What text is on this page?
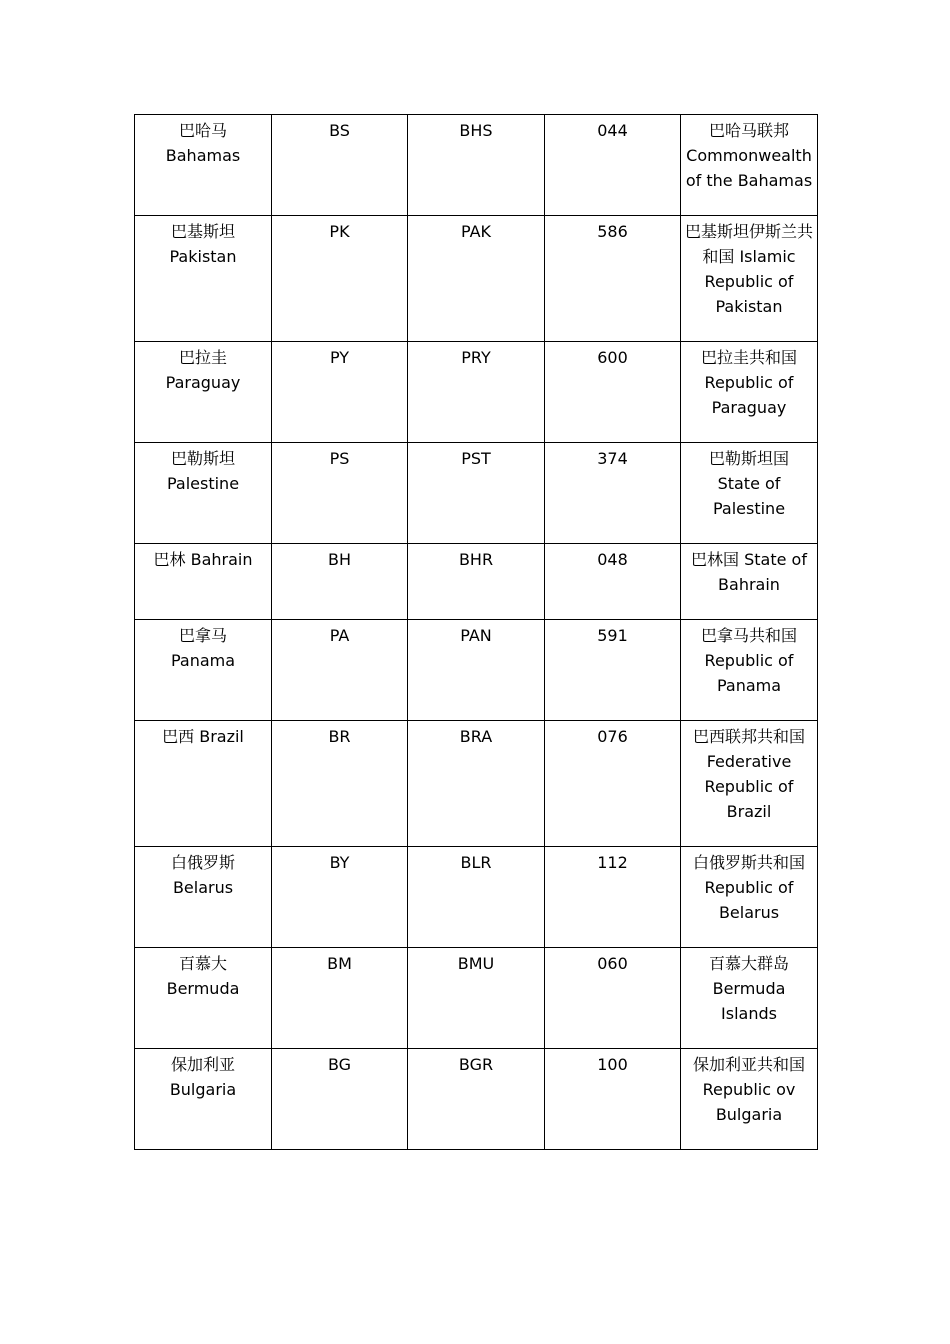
巴哈马 Bahamas	BS	BHS	044	巴哈马联邦 Commonwealth of the Bahamas

巴基斯坦 Pakistan	PK	PAK	586	巴基斯坦伊斯兰共和国 Islamic Republic of Pakistan

巴拉圭 Paraguay	PY	PRY	600	巴拉圭共和国 Republic of Paraguay

巴勒斯坦 Palestine	PS	PST	374	巴勒斯坦国 State of Palestine

巴林 Bahrain	BH	BHR	048	巴林国 State of Bahrain

巴拿马 Panama	PA	PAN	591	巴拿马共和国 Republic of Panama

巴西 Brazil	BR	BRA	076	巴西联邦共和国 Federative Republic of Brazil

白俄罗斯 Belarus	BY	BLR	112	白俄罗斯共和国 Republic of Belarus

百慕大 Bermuda	BM	BMU	060	百慕大群岛 Bermuda Islands

保加利亚 Bulgaria	BG	BGR	100	保加利亚共和国 Republic ov Bulgaria
